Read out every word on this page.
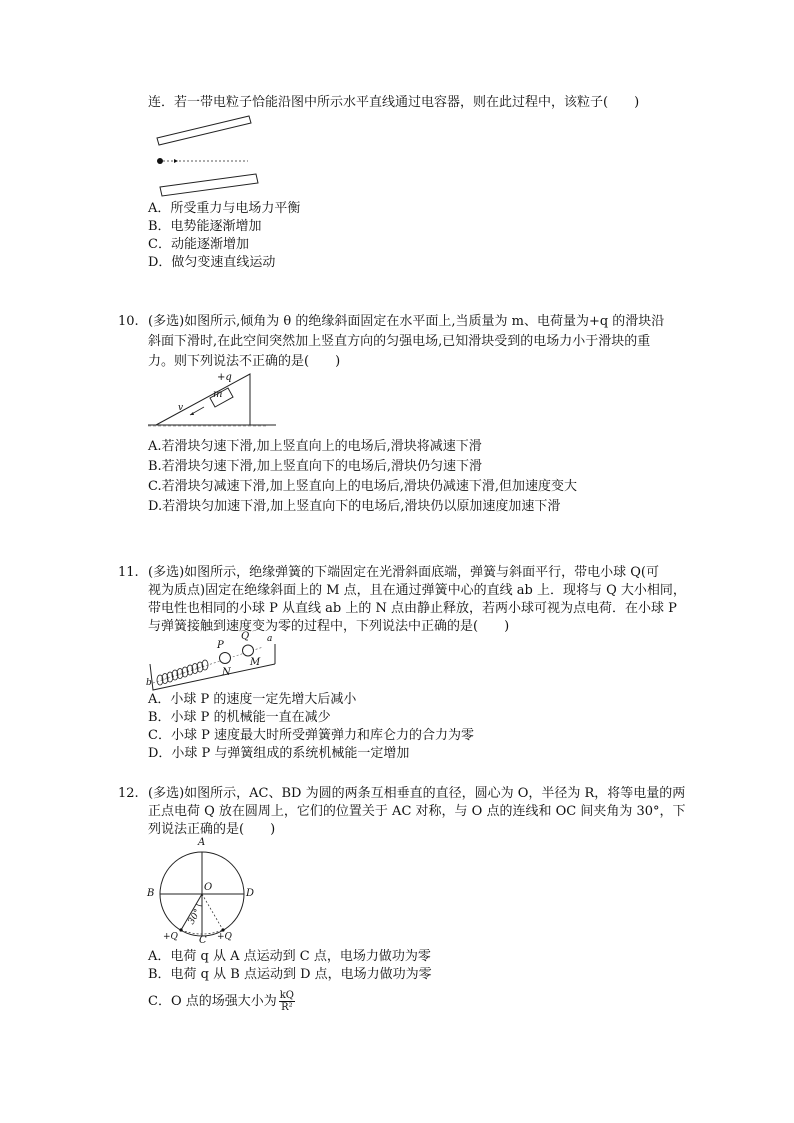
连．若一带电粒子恰能沿图中所示水平直线通过电容器，则在此过程中，该粒子(　　)
A．所受重力与电场力平衡
B．电势能逐渐增加
C．动能逐渐增加
D．做匀变速直线运动
10. (多选)如图所示,倾角为 θ 的绝缘斜面固定在水平面上,当质量为 m、电荷量为+q 的滑块沿
斜面下滑时,在此空间突然加上竖直方向的匀强电场,已知滑块受到的电场力小于滑块的重
力。则下列说法不正确的是(　　)
+q
m
v
A.若滑块匀速下滑,加上竖直向上的电场后,滑块将减速下滑
B.若滑块匀速下滑,加上竖直向下的电场后,滑块仍匀速下滑
C.若滑块匀减速下滑,加上竖直向上的电场后,滑块仍减速下滑,但加速度变大
D.若滑块匀加速下滑,加上竖直向下的电场后,滑块仍以原加速度加速下滑
11. (多选)如图所示，绝缘弹簧的下端固定在光滑斜面底端，弹簧与斜面平行，带电小球 Q(可
视为质点)固定在绝缘斜面上的 M 点，且在通过弹簧中心的直线 ab 上．现将与 Q 大小相同，
带电性也相同的小球 P 从直线 ab 上的 N 点由静止释放，若两小球可视为点电荷．在小球 P
与弹簧接触到速度变为零的过程中，下列说法中正确的是(　　)
P
Q a
b
N
M
A．小球 P 的速度一定先增大后减小
B．小球 P 的机械能一直在减少
C．小球 P 速度最大时所受弹簧弹力和库仑力的合力为零
D．小球 P 与弹簧组成的系统机械能一定增加
12. (多选)如图所示，AC、BD 为圆的两条互相垂直的直径，圆心为 O，半径为 R，将等电量的两
正点电荷 Q 放在圆周上，它们的位置关于 AC 对称，与 O 点的连线和 OC 间夹角为 30°，下
列说法正确的是(　　)
A
B
O
D
30°
+Q C +Q
A．电荷 q 从 A 点运动到 C 点，电场力做功为零
B．电荷 q 从 B 点运动到 D 点，电场力做功为零
C．O 点的场强大小为 $\frac{kQ}{\text{R²}}$
